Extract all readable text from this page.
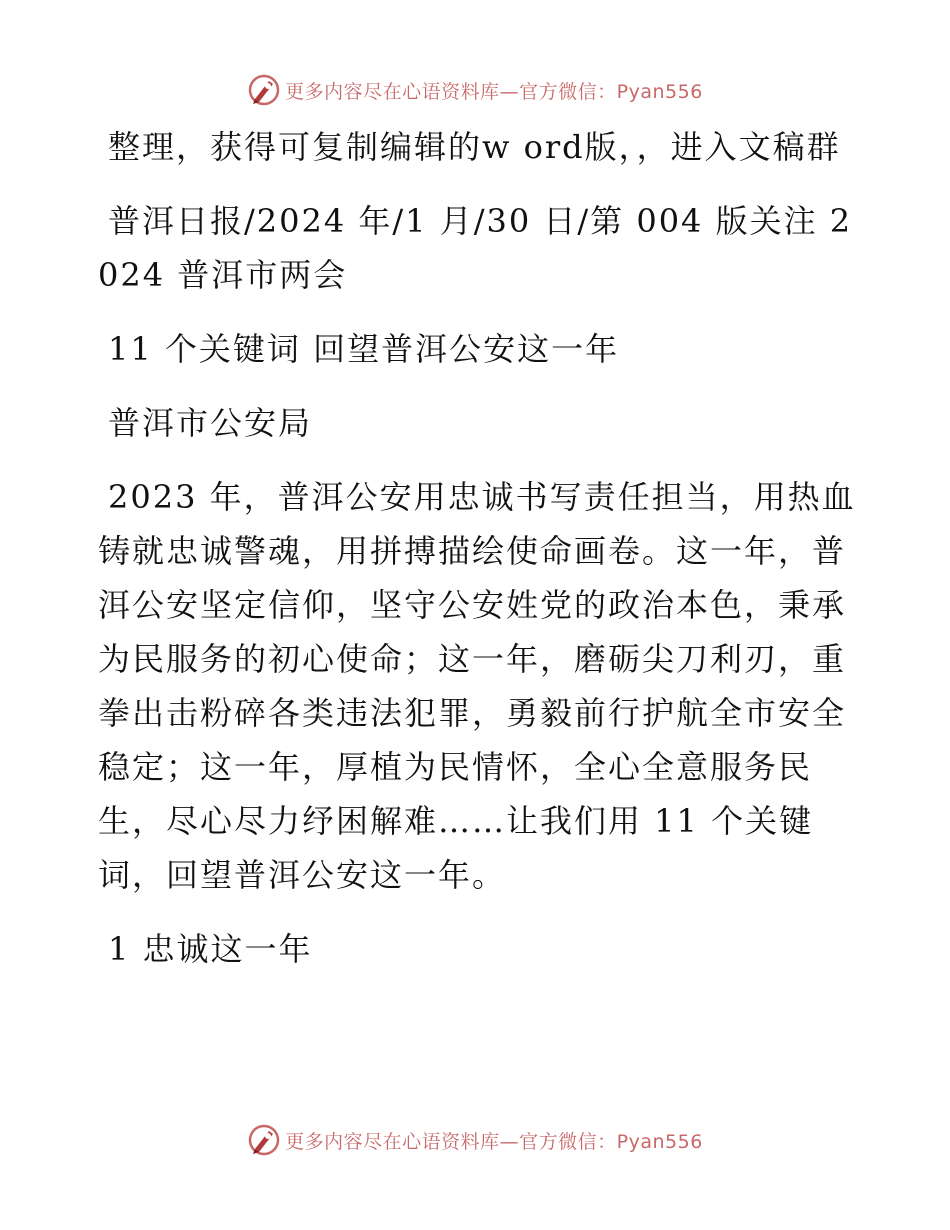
更多内容尽在心语资料库—官方微信：Pyan556

整理，获得可复制编辑的w ord版，，进入文稿群

普洱日报/2024 年/1 月/30 日/第 004 版关注 2024 普洱市两会

11 个关键词 回望普洱公安这一年

普洱市公安局

2023 年，普洱公安用忠诚书写责任担当，用热血铸就忠诚警魂，用拼搏描绘使命画卷。这一年，普洱公安坚定信仰，坚守公安姓党的政治本色，秉承为民服务的初心使命；这一年，磨砺尖刀利刃，重拳出击粉碎各类违法犯罪，勇毅前行护航全市安全稳定；这一年，厚植为民情怀，全心全意服务民生，尽心尽力纾困解难……让我们用 11 个关键词，回望普洱公安这一年。

1 忠诚这一年

更多内容尽在心语资料库—官方微信：Pyan556
